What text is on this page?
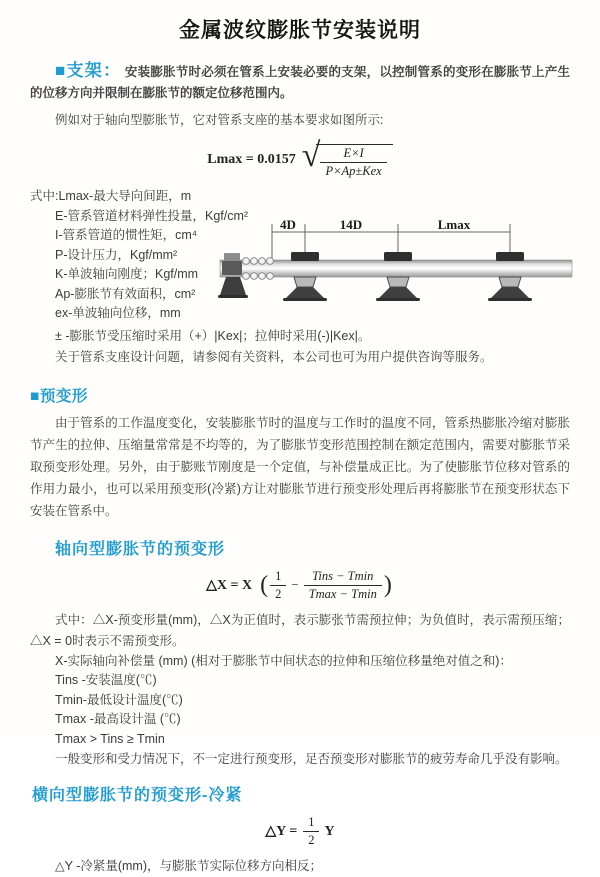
金属波纹膨胀节安装说明

■支架： 安装膨胀节时必须在管系上安装必要的支架，以控制管系的变形在膨胀节上产生的位移方向并限制在膨胀节的额定位移范围内。

例如对于轴向型膨胀节，它对管系支座的基本要求如图所示:

Lmax = 0.0157 √ $\frac{E\times I}{\text{P×Ap±Kex}}$
式中:Lmax-最大导向间距，m
E-管系管道材料弹性投量，Kgf/cm²
I-管系管道的惯性矩，cm⁴
P-设计压力，Kgf/mm²
K-单波轴向刚度；Kgf/mm
Ap-膨胀节有效面积，cm²
ex-单波轴向位移，mm
4D	14D	Lmax

± -膨胀节受压缩时采用（+）|Kex|；拉伸时采用(-)|Kex|。

关于管系支座设计问题，请参阅有关资料，本公司也可为用户提供咨询等服务。

■预变形

由于管系的工作温度变化，安装膨胀节时的温度与工作时的温度不同，管系热膨胀冷缩对膨胀节产生的拉伸、压缩量常常是不均等的，为了膨胀节变形范围控制在额定范围内，需要对膨胀节采取预变形处理。另外，由于膨账节刚度是一个定值，与补偿量成正比。为了使膨胀节位移对管系的作用力最小，也可以采用预变形(冷紧)方让对膨胀节进行预变形处理后再将膨胀节在预变形状态下安装在管系中。

轴向型膨胀节的预变形
△X = X ( $\frac{1}{2} - \frac{\text{Tins − Tmin}}{Tmax - Tmin}$ )

式中：△X-预变形量(mm)，△X为正值时，表示膨张节需预拉伸；为负值时，表示需预压缩；△X = 0时表示不需预变形。

X-实际轴向补偿量 (mm) (相对于膨胀节中间状态的拉伸和压缩位移量绝对值之和)：
Tins -安装温度(℃)
Tmin-最低设计温度(℃)
Tmax -最高设计温 (℃)
Tmax > Tins ≥ Tmin

一般变形和受力情况下，不一定进行预变形，足否预变形对膨胀节的疲劳寿命几乎没有影响。

横向型膨胀节的预变形-冷紧
△Y = $\frac{1}{2}$ Y

△Y -冷紧量(mm)，与膨胀节实际位移方向相反；
